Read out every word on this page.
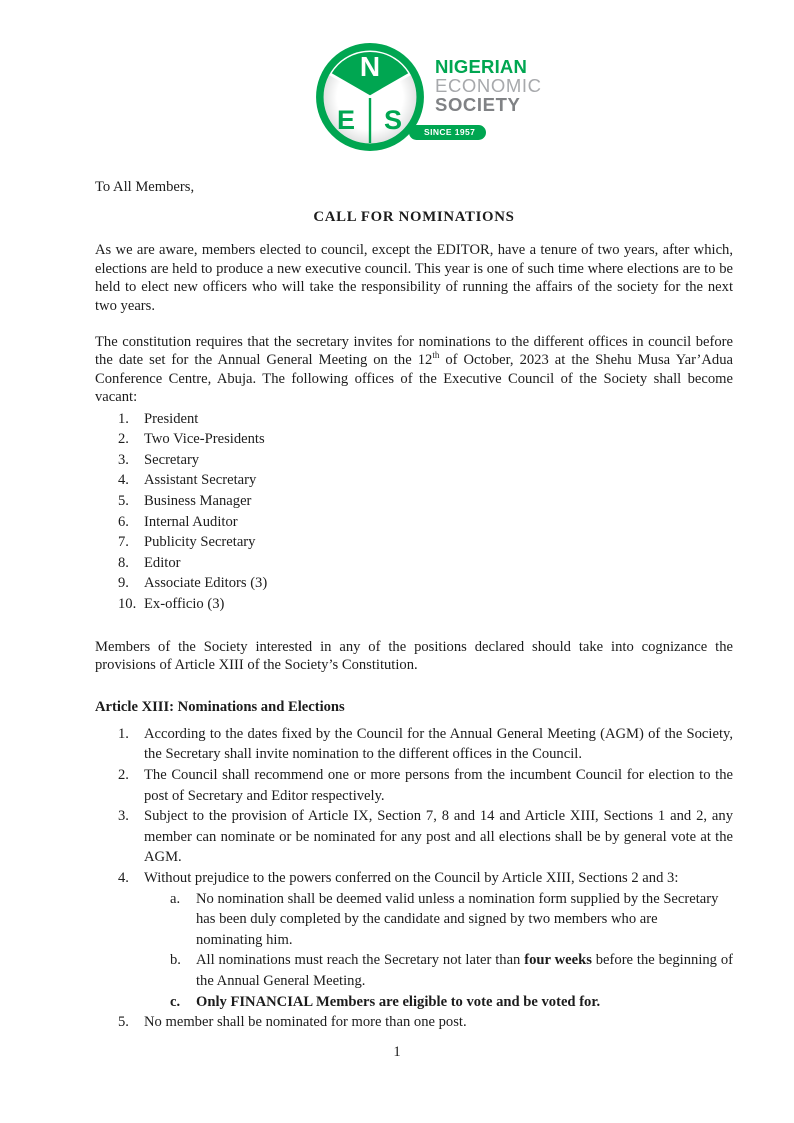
SINCE 1957
N
E S
NIGERIAN
ECONOMIC
SOCIETY
To All Members,
CALL FOR NOMINATIONS

As we are aware, members elected to council, except the EDITOR, have a tenure of two years, after which, elections are held to produce a new executive council. This year is one of such time where elections are to be held to elect new officers who will take the responsibility of running the affairs of the society for the next two years.

The constitution requires that the secretary invites for nominations to the different offices in council before the date set for the Annual General Meeting on the 12th of October, 2023 at the Shehu Musa Yar’Adua Conference Centre, Abuja. The following offices of the Executive Council of the Society shall become vacant:

1.	President
2.	Two Vice-Presidents
3.	Secretary
4.	Assistant Secretary
5.	Business Manager
6.	Internal Auditor
7.	Publicity Secretary
8.	Editor
9.	Associate Editors (3)
10. Ex-officio (3)

Members of the Society interested in any of the positions declared should take into cognizance the provisions of Article XIII of the Society’s Constitution.

Article XIII: Nominations and Elections
1.	According to the dates fixed by the Council for the Annual General Meeting (AGM) of the Society, the Secretary shall invite nomination to the different offices in the Council.
2.	The Council shall recommend one or more persons from the incumbent Council for election to the post of Secretary and Editor respectively.
3.	Subject to the provision of Article IX, Section 7, 8 and 14 and Article XIII, Sections 1 and 2, any member can nominate or be nominated for any post and all elections shall be by general vote at the AGM.
4.	Without prejudice to the powers conferred on the Council by Article XIII, Sections 2 and 3:
a.	No nomination shall be deemed valid unless a nomination form supplied by the Secretary
has been duly completed by the candidate and signed by two members who are
nominating him.
b.	All nominations must reach the Secretary not later than four weeks before the beginning of the Annual General Meeting.
c.	Only FINANCIAL Members are eligible to vote and be voted for.
5.	No member shall be nominated for more than one post.
1
